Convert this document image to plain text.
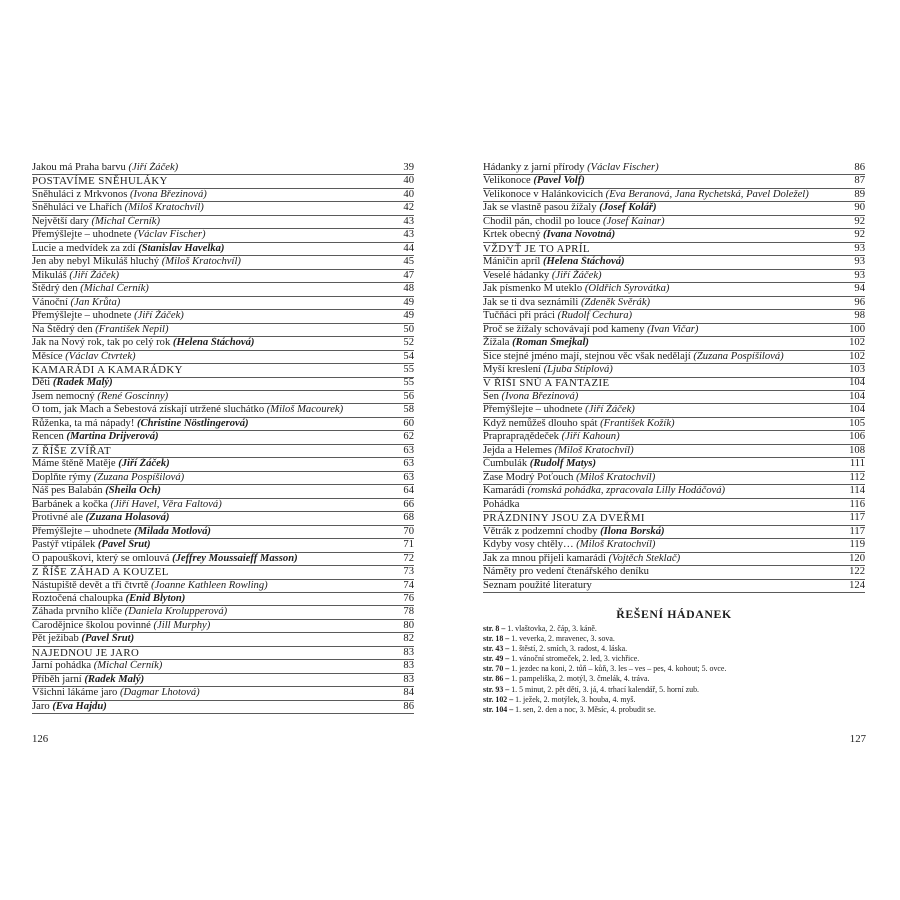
Jakou má Praha barvu (Jiří Žáček)	39
POSTAVÍME SNĚHULÁKY	40
Sněhuláci z Mrkvonos (Ivona Březinová)	40
Sněhuláci ve Lhařích (Miloš Kratochvíl)	42
Největší dary (Michal Černík)	43
Přemýšlejte – uhodnete (Václav Fischer)	43
Lucie a medvídek za zdí (Stanislav Havelka)	44
Jen aby nebyl Mikuláš hluchý (Miloš Kratochvíl)	45
Mikuláš (Jiří Žáček)	47
Štědrý den (Michal Černík)	48
Vánoční (Jan Krůta)	49
Přemýšlejte – uhodnete (Jiří Žáček)	49
Na Štědrý den (František Nepil)	50
Jak na Nový rok, tak po celý rok (Helena Štáchová)	52
Měsíce (Václav Čtvrtek)	54
KAMARÁDI A KAMARÁDKY	55
Děti (Radek Malý)	55
Jsem nemocný (René Goscinny)	56
O tom, jak Mach a Šebestová získají utržené sluchátko (Miloš Macourek)	58
Růženka, ta má nápady! (Christine Nöstlingerová)	60
Rencen (Martina Drijverová)	62
Z ŘÍŠE ZVÍŘAT	63
Máme štěně Matěje (Jiří Žáček)	63
Doplňte rýmy (Zuzana Pospíšilová)	63
Náš pes Balabán (Sheila Och)	64
Barbánek a kočka (Jiří Havel, Věra Faltová)	66
Protivné ale (Zuzana Holasová)	68
Přemýšlejte – uhodnete (Milada Motlová)	70
Pastýř vtipálek (Pavel Šrut)	71
O papouškovi, který se omlouvá (Jeffrey Moussaieff Masson)	72
Z ŘÍŠE ZÁHAD A KOUZEL	73
Nástupiště devět a tři čtvrtě (Joanne Kathleen Rowling)	74
Roztočená chaloupka (Enid Blyton)	76
Záhada prvního klíče (Daniela Krolupperová)	78
Čarodějnice školou povinné (Jill Murphy)	80
Pět ježibab (Pavel Šrut)	82
NAJEDNOU JE JARO	83
Jarní pohádka (Michal Černík)	83
Příběh jarní (Radek Malý)	83
Všichni lákáme jaro (Dagmar Lhotová)	84
Jaro (Eva Hajdu)	86
126
Hádanky z jarní přírody (Václav Fischer)	86
Velikonoce (Pavel Volf)	87
Velikonoce v Halánkovicích (Eva Beranová, Jana Rychetská, Pavel Doležel)	89
Jak se vlastně pasou žížaly (Josef Kolář)	90
Chodil pán, chodil po louce (Josef Kainar)	92
Krtek obecný (Ivana Novotná)	92
VŽDYŤ JE TO APRÍL	93
Máničin apríl (Helena Štáchová)	93
Veselé hádanky (Jiří Žáček)	93
Jak písmenko M uteklo (Oldřich Syrovátka)	94
Jak se ti dva seznámili (Zdeněk Svěrák)	96
Tučňáci při práci (Rudolf Čechura)	98
Proč se žížaly schovávají pod kameny (Ivan Vičar)	100
Žížala (Roman Šmejkal)	102
Sice stejné jméno mají, stejnou věc však nedělají (Zuzana Pospíšilová)	102
Myší kreslení (Ljuba Štíplová)	103
V ŘÍŠI SNŮ A FANTAZIE	104
Sen (Ivona Březinová)	104
Přemýšlejte – uhodnete (Jiří Žáček)	104
Když nemůžeš dlouho spát (František Kožík)	105
Prapraprадědeček (Jiří Kahoun)	106
Jejda a Helemes (Miloš Kratochvíl)	108
Čumbulák (Rudolf Matys)	111
Zase Modrý Poťouch (Miloš Kratochvíl)	112
Kamarádi (romská pohádka, zpracovala Lilly Hodáčová)	114
Pohádka	116
PRÁZDNINY JSOU ZA DVEŘMI	117
Větrák z podzemní chodby (Ilona Borská)	117
Kdyby vosy chtěly… (Miloš Kratochvíl)	119
Jak za mnou přijeli kamarádi (Vojtěch Steklač)	120
Náměty pro vedení čtenářského deníku	122
Seznam použité literatury	124
ŘEŠENÍ HÁDANEK
str. 8 – 1. vlaštovka, 2. čáp, 3. káně.
str. 18 – 1. veverka, 2. mravenec, 3. sova.
str. 43 – 1. štěstí, 2. smích, 3. radost, 4. láska.
str. 49 – 1. vánoční stromeček, 2. led, 3. vichřice.
str. 70 – 1. jezdec na koni, 2. tůň – kůň, 3. les – ves – pes, 4. kohout; 5. ovce.
str. 86 – 1. pampeliška, 2. motýl, 3. čmelák, 4. tráva.
str. 93 – 1. 5 minut, 2. pět dětí, 3. já, 4. trhací kalendář, 5. horní zub.
str. 102 – 1. ježek, 2. motýlek, 3. houba, 4. myš.
str. 104 – 1. sen, 2. den a noc, 3. Měsíc, 4. probudit se.
127
